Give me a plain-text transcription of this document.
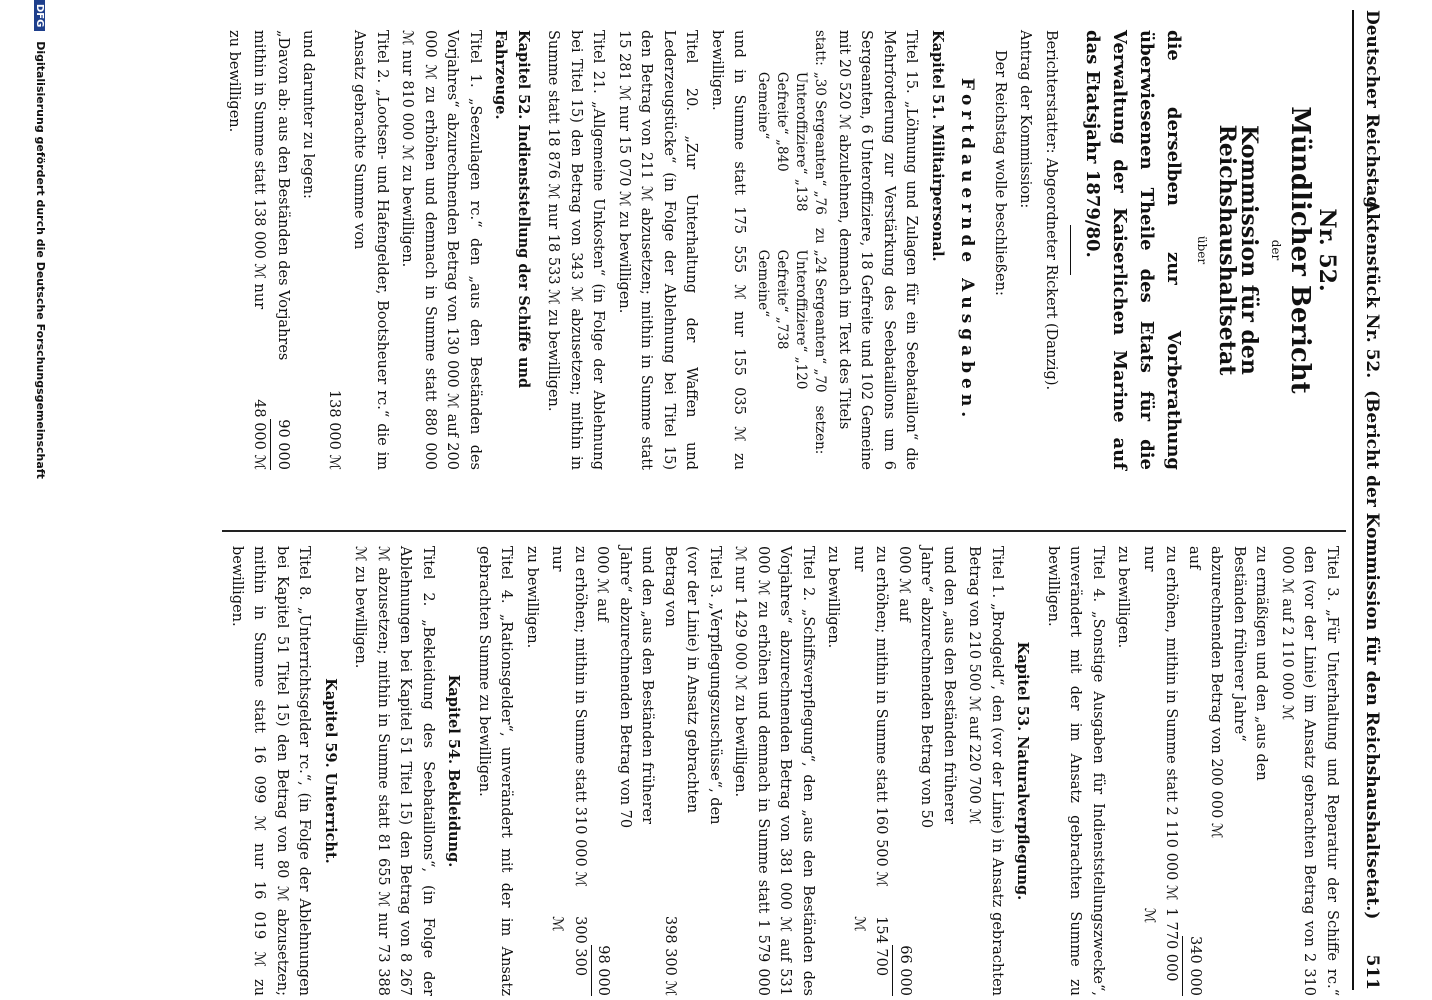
Deutscher Reichstag.
Aktenstück Nr. 52.
(Bericht der Kommission für den Reichshaushaltsetat.)
511
Nr. 52.
Mündlicher Bericht
der
Kommission für den Reichshaushaltsetat
über
die derselben zur Vorberathung überwiesenen Theile des Etats für die Verwaltung der Kaiserlichen Marine auf das Etatsjahr 1879/80.

Berichterstatter: Abgeordneter Rickert (Danzig).

Antrag der Kommission:

Der Reichstag wolle beschließen:

Fortdauernde Ausgaben.
Kapitel 51. Militairpersonal.

Titel 15. „Löhnung und Zulagen für ein Seebataillon“ die Mehrforderung zur Verstärkung des Seebataillons um 6 Sergeanten, 6 Unteroffiziere, 18 Gefreite und 102 Gemeine mit 20 520 ℳ abzulehnen, demnach im Text des Titels

statt:
„30 Sergeanten“ „76 Unteroffiziere“ „138 Gefreite“ „840 Gemeine“
zu
„24 Sergeanten“ „70 Unteroffiziere“ „120 Gefreite“ „738 Gemeine“
setzen:

und in Summe statt 175 555 ℳ nur 155 035 ℳ zu bewilligen.

Titel 20. „Zur Unterhaltung der Waffen und Lederzeugstücke“ (in Folge der Ablehnung bei Titel 15) den Betrag von 211 ℳ abzusetzen; mithin in Summe statt 15 281 ℳ nur 15 070 ℳ zu bewilligen.

Titel 21. „Allgemeine Unkosten“ (in Folge der Ablehnung bei Titel 15) den Betrag von 343 ℳ abzusetzen; mithin in Summe statt 18 876 ℳ nur 18 533 ℳ zu bewilligen.

Kapitel 52. Indienststellung der Schiffe und Fahrzeuge.

Titel 1. „Seezulagen rc.“ den „aus den Beständen des Vorjahres“ abzurechnenden Betrag von 130 000 ℳ auf 200 000 ℳ zu erhöhen und demnach in Summe statt 880 000 ℳ nur 810 000 ℳ zu bewilligen.

Titel 2. „Lootsen- und Hafengelder, Bootsheuer rc.“ die im Ansatz gebrachte Summe von

138 000 ℳ

und darunter zu legen:

„Davon ab: aus den Beständen des Vorjahres
90 000
mithin in Summe statt 138 000 ℳ nur
48 000 ℳ

zu bewilligen.

Titel 3. „Für Unterhaltung und Reparatur der Schiffe rc.“ den (vor der Linie) im Ansatz gebrachten Betrag von 2 310 000 ℳ auf 2 110 000 ℳ

zu ermäßigen und den „aus den Beständen früherer Jahre“ abzurechnenden Betrag von 200 000 ℳ auf
340 000
zu erhöhen, mithin in Summe statt 2 110 000 ℳ nur
1 770 000 ℳ

zu bewilligen.

Titel 4. „Sonstige Ausgaben für Indienststellungszwecke“, unverändert mit der im Ansatz gebrachten Summe zu bewilligen.

Kapitel 53. Naturalverpflegung.

Titel 1. „Brodgeld“, den (vor der Linie) in Ansatz gebrachten Betrag von 210 500 ℳ auf 220 700 ℳ

und den „aus den Beständen früherer Jahre“ abzurechnenden Betrag von 50 000 ℳ auf
66 000
zu erhöhen; mithin in Summe statt 160 500 ℳ nur
154 700 ℳ

zu bewilligen.

Titel 2. „Schiffsverpflegung“, den „aus den Beständen des Vorjahres“ abzurechnenden Betrag von 381 000 ℳ auf 531 000 ℳ zu erhöhen und demnach in Summe statt 1 579 000 ℳ nur 1 429 000 ℳ zu bewilligen.

Titel 3. „Verpflegungszuschüsse“, den (vor der Linie) in Ansatz gebrachten Betrag von
398 300 ℳ
und den „aus den Beständen früherer Jahre“ abzurechnenden Betrag von 70 000 ℳ auf
98 000
zu erhöhen; mithin in Summe statt 310 000 ℳ nur
300 300 ℳ

zu bewilligen.

Titel 4. „Rationsgelder“, unverändert mit der im Ansatz gebrachten Summe zu bewilligen.

Kapitel 54. Bekleidung.

Titel 2. „Bekleidung des Seebataillons“, (in Folge der Ablehnungen bei Kapitel 51 Titel 15) den Betrag von 8 267 ℳ abzusetzen; mithin in Summe statt 81 655 ℳ nur 73 388 ℳ zu bewilligen.

Kapitel 59. Unterricht.

Titel 8. „Unterrichtsgelder rc.“, (in Folge der Ablehnungen bei Kapitel 51 Titel 15) den Betrag von 80 ℳ abzusetzen; mithin in Summe statt 16 099 ℳ nur 16 019 ℳ zu bewilligen.

DFG Digitalisierung gefördert durch die Deutsche Forschungsgemeinschaft
